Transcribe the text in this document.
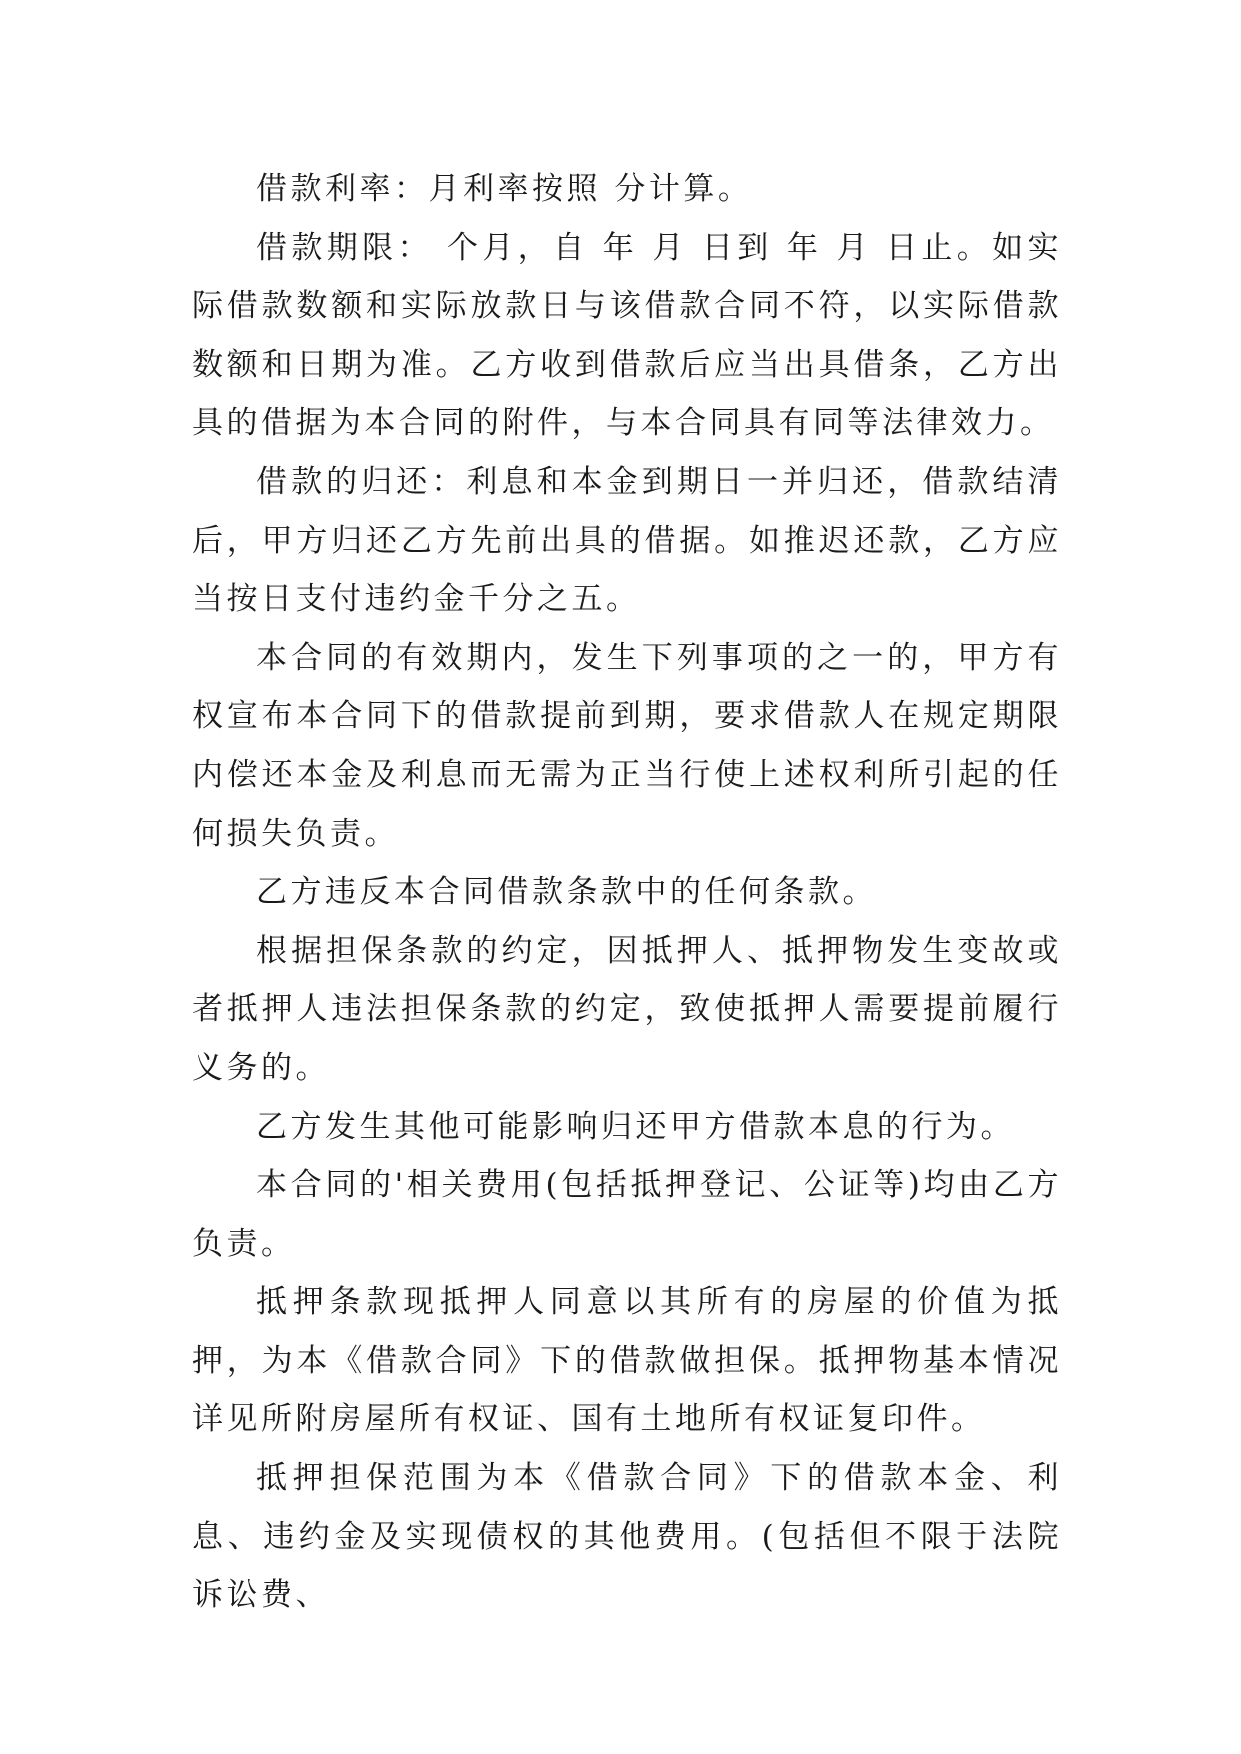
借款利率：月利率按照 分计算。

借款期限： 个月，自 年 月 日到 年 月 日止。如实际借款数额和实际放款日与该借款合同不符，以实际借款数额和日期为准。乙方收到借款后应当出具借条，乙方出具的借据为本合同的附件，与本合同具有同等法律效力。

借款的归还：利息和本金到期日一并归还，借款结清后，甲方归还乙方先前出具的借据。如推迟还款，乙方应当按日支付违约金千分之五。

本合同的有效期内，发生下列事项的之一的，甲方有权宣布本合同下的借款提前到期，要求借款人在规定期限内偿还本金及利息而无需为正当行使上述权利所引起的任何损失负责。

乙方违反本合同借款条款中的任何条款。

根据担保条款的约定，因抵押人、抵押物发生变故或者抵押人违法担保条款的约定，致使抵押人需要提前履行义务的。

乙方发生其他可能影响归还甲方借款本息的行为。

本合同的'相关费用(包括抵押登记、公证等)均由乙方负责。

抵押条款现抵押人同意以其所有的房屋的价值为抵押，为本《借款合同》下的借款做担保。抵押物基本情况详见所附房屋所有权证、国有土地所有权证复印件。

抵押担保范围为本《借款合同》下的借款本金、利息、违约金及实现债权的其他费用。(包括但不限于法院诉讼费、
